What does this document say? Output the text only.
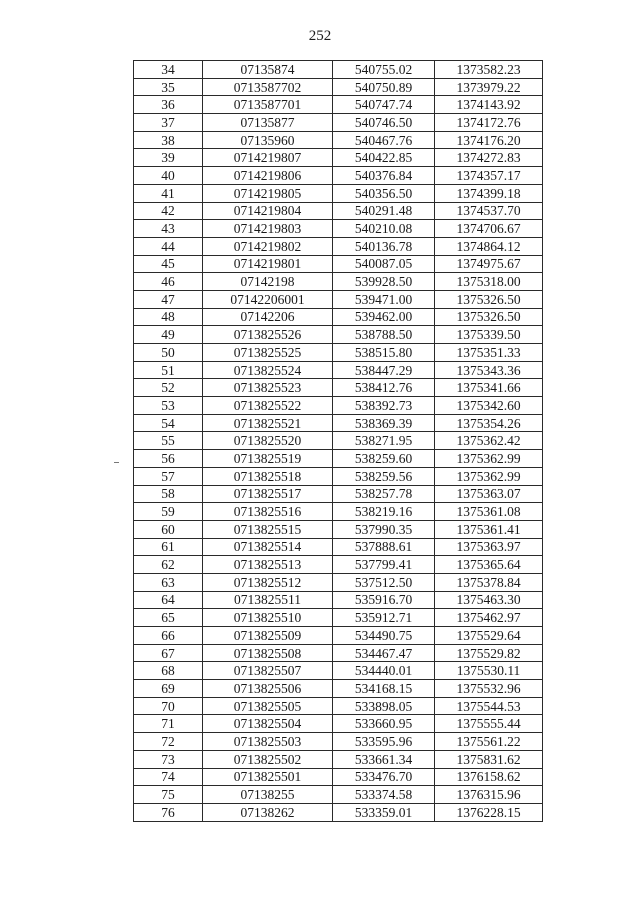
252
34	07135874	540755.02	1373582.23
35	0713587702	540750.89	1373979.22
36	0713587701	540747.74	1374143.92
37	07135877	540746.50	1374172.76
38	07135960	540467.76	1374176.20
39	0714219807	540422.85	1374272.83
40	0714219806	540376.84	1374357.17
41	0714219805	540356.50	1374399.18
42	0714219804	540291.48	1374537.70
43	0714219803	540210.08	1374706.67
44	0714219802	540136.78	1374864.12
45	0714219801	540087.05	1374975.67
46	07142198	539928.50	1375318.00
47	07142206001	539471.00	1375326.50
48	07142206	539462.00	1375326.50
49	0713825526	538788.50	1375339.50
50	0713825525	538515.80	1375351.33
51	0713825524	538447.29	1375343.36
52	0713825523	538412.76	1375341.66
53	0713825522	538392.73	1375342.60
54	0713825521	538369.39	1375354.26
55	0713825520	538271.95	1375362.42
56	0713825519	538259.60	1375362.99
57	0713825518	538259.56	1375362.99
58	0713825517	538257.78	1375363.07
59	0713825516	538219.16	1375361.08
60	0713825515	537990.35	1375361.41
61	0713825514	537888.61	1375363.97
62	0713825513	537799.41	1375365.64
63	0713825512	537512.50	1375378.84
64	0713825511	535916.70	1375463.30
65	0713825510	535912.71	1375462.97
66	0713825509	534490.75	1375529.64
67	0713825508	534467.47	1375529.82
68	0713825507	534440.01	1375530.11
69	0713825506	534168.15	1375532.96
70	0713825505	533898.05	1375544.53
71	0713825504	533660.95	1375555.44
72	0713825503	533595.96	1375561.22
73	0713825502	533661.34	1375831.62
74	0713825501	533476.70	1376158.62
75	07138255	533374.58	1376315.96
76	07138262	533359.01	1376228.15
